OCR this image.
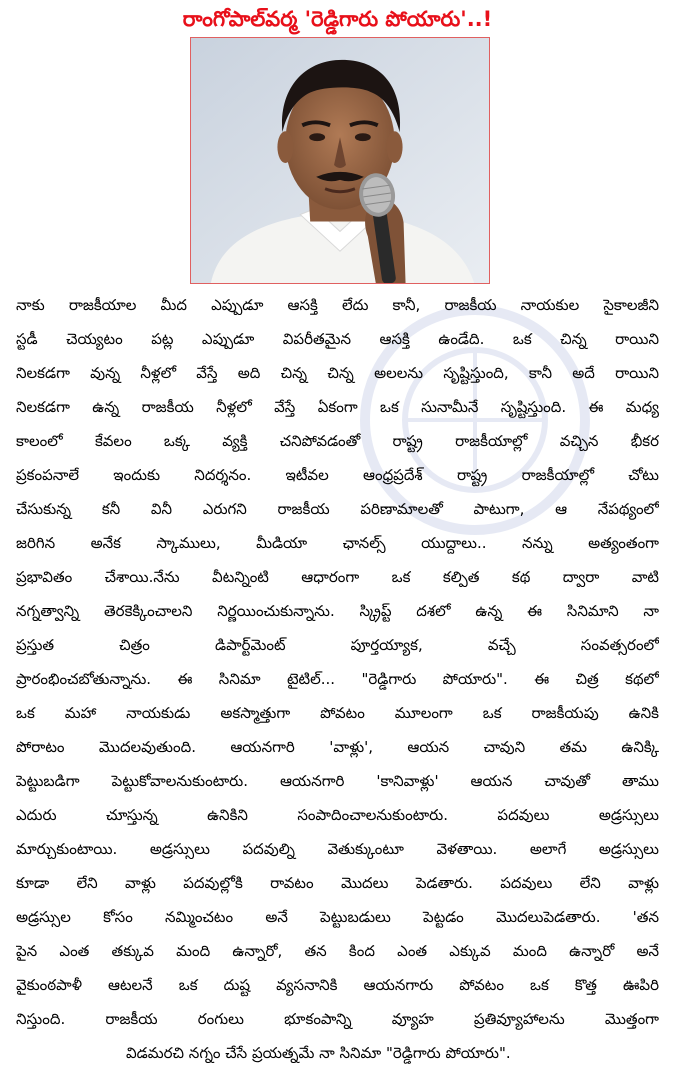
రాంగోపాల్‌వర్మ 'రెడ్డిగారు పోయారు'..!
నాకు రాజకీయాల మీద ఎప్పుడూ ఆసక్తి లేదు కానీ, రాజకీయ నాయకుల సైకాలజీని
స్టడీ చెయ్యటం పట్ల ఎప్పుడూ విపరీతమైన ఆసక్తి ఉండేది. ఒక చిన్న రాయిని
నిలకడగా వున్న నీళ్లలో వేస్తే అది చిన్న చిన్న అలలను సృష్టిస్తుంది, కానీ అదే రాయిని
నిలకడగా ఉన్న రాజకీయ నీళ్లలో వేస్తే ఏకంగా ఒక సునామీనే సృష్టిస్తుంది. ఈ మధ్య
కాలంలో కేవలం ఒక్క వ్యక్తి చనిపోవడంతో రాష్ట్ర రాజకీయాల్లో వచ్చిన భీకర
ప్రకంపనాలే ఇందుకు నిదర్శనం. ఇటీవల ఆంధ్రప్రదేశ్ రాష్ట్ర రాజకీయాల్లో చోటు
చేసుకున్న కనీ వినీ ఎరుగని రాజకీయ పరిణామాలతో పాటుగా, ఆ నేపథ్యంలో
జరిగిన అనేక స్కాములు, మీడియా ఛానల్స్ యుద్దాలు.. నన్ను అత్యంతంగా
ప్రభావితం చేశాయి.నేను వీటన్నింటి ఆధారంగా ఒక కల్పిత కథ ద్వారా వాటి
నగ్నత్వాన్ని తెరకెక్కించాలని నిర్ణయించుకున్నాను. స్క్రిప్ట్ దశలో ఉన్న ఈ సినిమాని నా
ప్రస్తుత చిత్రం డిపార్ట్‌మెంట్ పూర్తయ్యాక, వచ్చే సంవత్సరంలో
ప్రారంభించబోతున్నాను. ఈ సినిమా టైటిల్... "రెడ్డిగారు పోయారు". ఈ చిత్ర కథలో
ఒక మహా నాయకుడు అకస్మాత్తుగా పోవటం మూలంగా ఒక రాజకీయపు ఉనికి
పోరాటం మొదలవుతుంది. ఆయనగారి 'వాళ్లు', ఆయన చావుని తమ ఉనిక్కి
పెట్టుబడిగా పెట్టుకోవాలనుకుంటారు. ఆయనగారి 'కానివాళ్లు' ఆయన చావుతో తాము
ఎదురు చూస్తున్న ఉనికిని సంపాదించాలనుకుంటారు. పదవులు అడ్రస్సులు
మార్చుకుంటాయి. అడ్రస్సులు పదవుల్ని వెతుక్కుంటూ వెళతాయి. అలాగే అడ్రస్సులు
కూడా లేని వాళ్లు పదవుల్లోకి రావటం మొదలు పెడతారు. పదవులు లేని వాళ్లు
అడ్రస్సుల కోసం నమ్మించటం అనే పెట్టుబడులు పెట్టడం మొదలుపెడతారు. 'తన
పైన ఎంత తక్కువ మంది ఉన్నారో, తన కింద ఎంత ఎక్కువ మంది ఉన్నారో అనే
వైకుంఠపాళీ ఆటలనే ఒక దుష్ట వ్యసనానికి ఆయనగారు పోవటం ఒక కొత్త ఊపిరి
నిస్తుంది. రాజకీయ రంగులు భూకంపాన్ని వ్యూహ ప్రతివ్యూహాలను మొత్తంగా
విడమరచి నగ్నం చేసే ప్రయత్నమే నా సినిమా "రెడ్డిగారు పోయారు".
